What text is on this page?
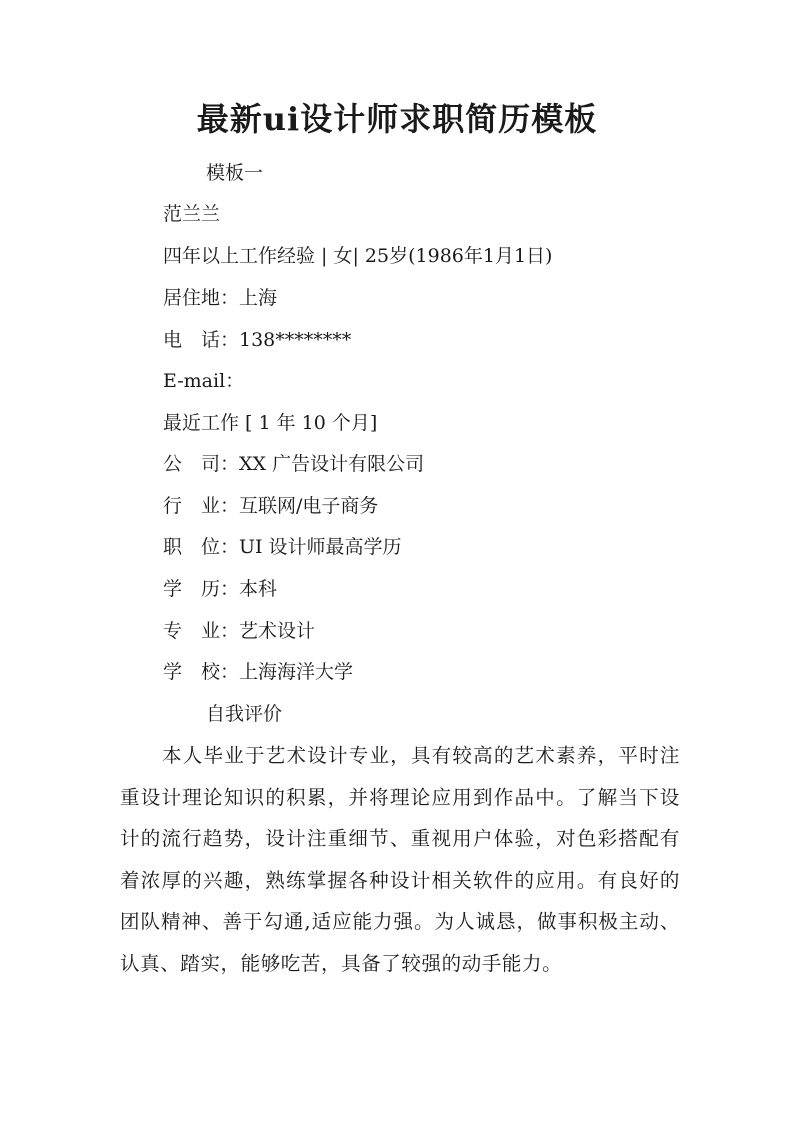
最新ui设计师求职简历模板
模板一
范兰兰
四年以上工作经验 | 女| 25岁(1986年1月1日)
居住地：上海
电　话：138********
E-mail：
最近工作 [ 1 年 10 个月]
公　司：XX 广告设计有限公司
行　业：互联网/电子商务
职　位：UI 设计师最高学历
学　历：本科
专　业：艺术设计
学　校：上海海洋大学
自我评价
本人毕业于艺术设计专业，具有较高的艺术素养，平时注重设计理论知识的积累，并将理论应用到作品中。了解当下设计的流行趋势，设计注重细节、重视用户体验，对色彩搭配有着浓厚的兴趣，熟练掌握各种设计相关软件的应用。有良好的团队精神、善于勾通,适应能力强。为人诚恳，做事积极主动、认真、踏实，能够吃苦，具备了较强的动手能力。
